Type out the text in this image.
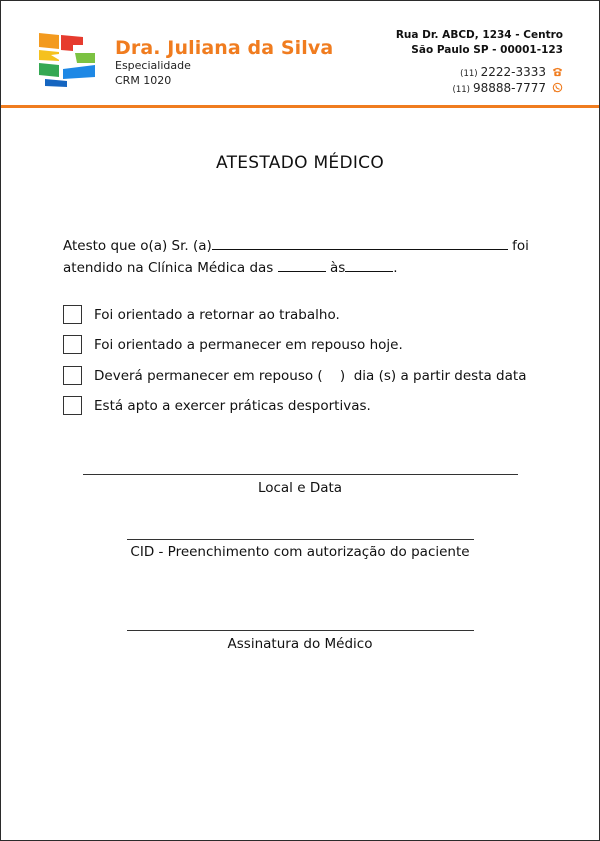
Dra. Juliana da Silva
Especialidade
CRM 1020
Rua Dr. ABCD, 1234 - Centro
São Paulo SP - 00001-123
(11) 2222-3333
(11) 98888-7777
ATESTADO MÉDICO
Atesto que o(a) Sr. (a)	foi
atendido na Clínica Médica das	às	.
Foi orientado a retornar ao trabalho.
Foi orientado a permanecer em repouso hoje.
Deverá permanecer em repouso (    )  dia (s) a partir desta data
Está apto a exercer práticas desportivas.
Local e Data
CID - Preenchimento com autorização do paciente
Assinatura do Médico
